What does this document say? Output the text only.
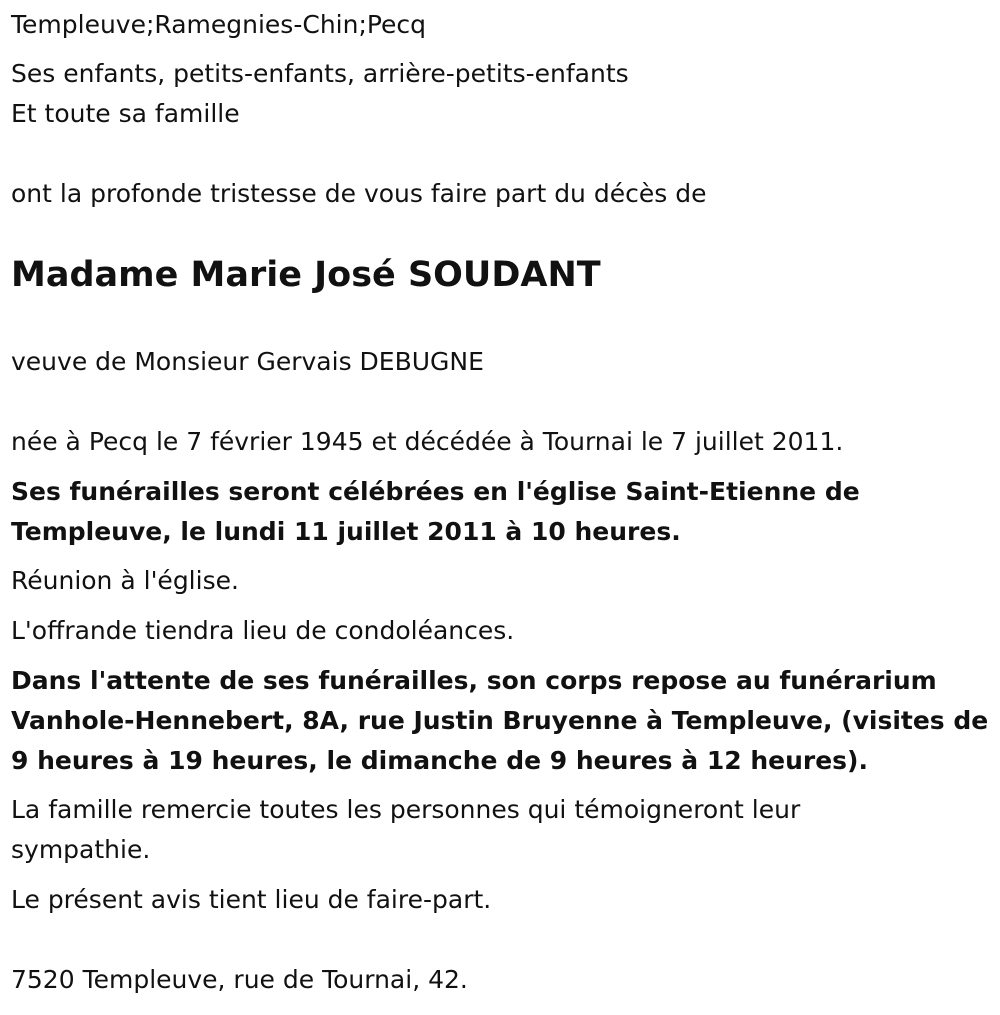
Templeuve;Ramegnies-Chin;Pecq
Ses enfants, petits-enfants, arrière-petits-enfants
Et toute sa famille
ont la profonde tristesse de vous faire part du décès de
Madame Marie José SOUDANT
veuve de Monsieur Gervais DEBUGNE
née à Pecq le 7 février 1945 et décédée à Tournai le 7 juillet 2011.
Ses funérailles seront célébrées en l'église Saint-Etienne de
Templeuve, le lundi 11 juillet 2011 à 10 heures.
Réunion à l'église.
L'offrande tiendra lieu de condoléances.
Dans l'attente de ses funérailles, son corps repose au funérarium
Vanhole-Hennebert, 8A, rue Justin Bruyenne à Templeuve, (visites de
9 heures à 19 heures, le dimanche de 9 heures à 12 heures).
La famille remercie toutes les personnes qui témoigneront leur
sympathie.
Le présent avis tient lieu de faire-part.
7520 Templeuve, rue de Tournai, 42.
